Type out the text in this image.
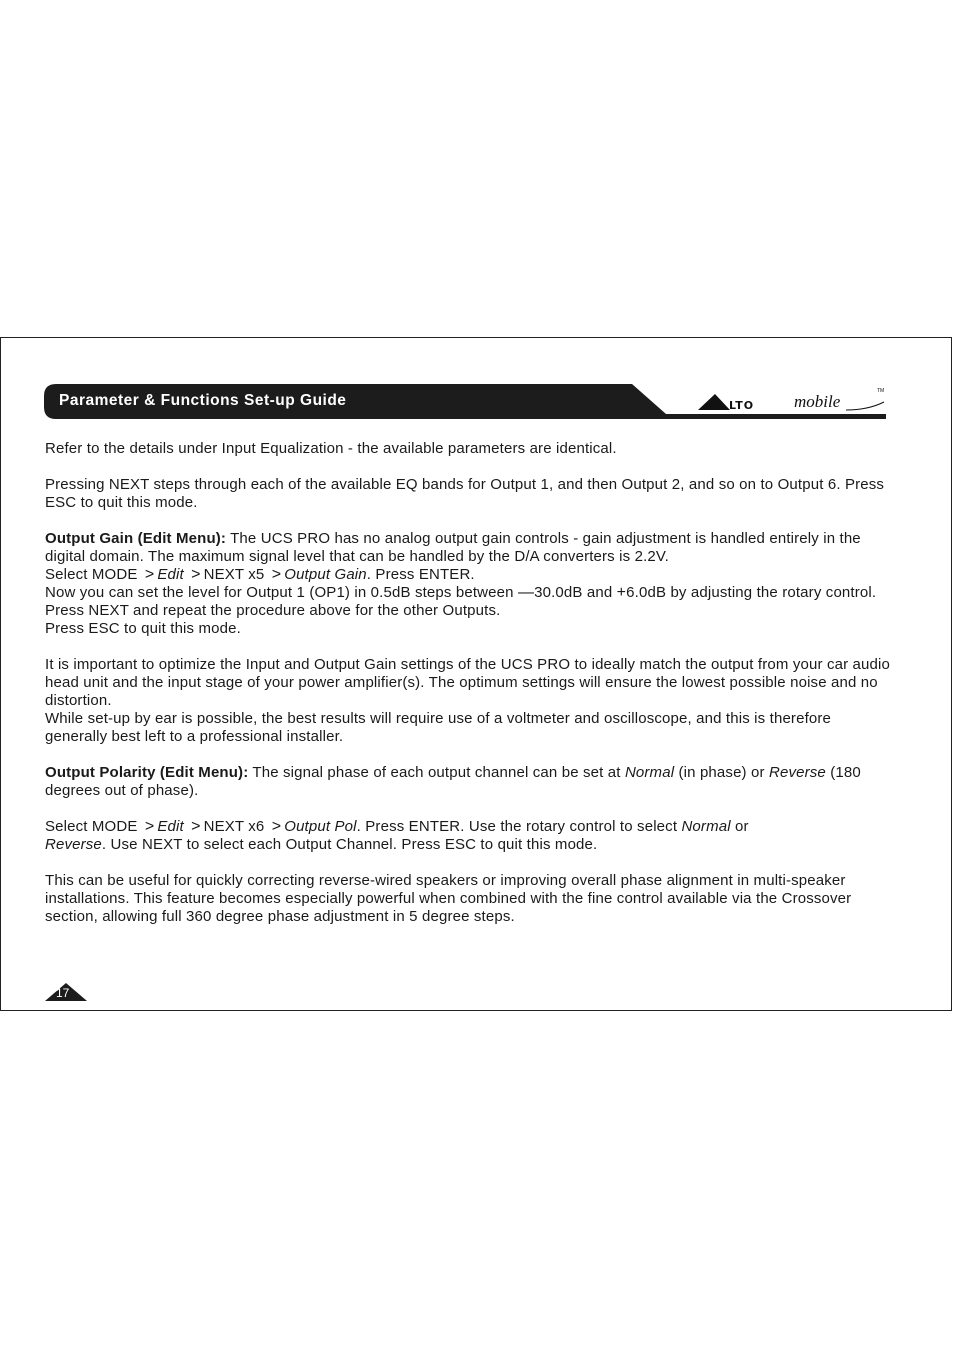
Parameter & Functions Set-up Guide	LTO mobile
TM

Refer to the details under Input Equalization - the available parameters are identical.

Pressing NEXT steps through each of the available EQ bands for Output 1, and then Output 2, and so on to Output 6. Press ESC to quit this mode.

Output Gain (Edit Menu): The UCS PRO has no analog output gain controls - gain adjustment is handled entirely in the digital domain. The maximum signal level that can be handled by the D/A converters is 2.2V.
Select MODE > Edit > NEXT x5 > Output Gain. Press ENTER.
Now you can set the level for Output 1 (OP1) in 0.5dB steps between —30.0dB and +6.0dB by adjusting the rotary control.
Press NEXT and repeat the procedure above for the other Outputs.
Press ESC to quit this mode.

It is important to optimize the Input and Output Gain settings of the UCS PRO to ideally match the output from your car audio head unit and the input stage of your power amplifier(s). The optimum settings will ensure the lowest possible noise and no distortion.
While set-up by ear is possible, the best results will require use of a voltmeter and oscilloscope, and this is therefore generally best left to a professional installer.

Output Polarity (Edit Menu): The signal phase of each output channel can be set at Normal (in phase) or Reverse (180 degrees out of phase).

Select MODE > Edit > NEXT x6 > Output Pol. Press ENTER. Use the rotary control to select Normal or
Reverse. Use NEXT to select each Output Channel. Press ESC to quit this mode.

This can be useful for quickly correcting reverse-wired speakers or improving overall phase alignment in multi-speaker installations. This feature becomes especially powerful when combined with the fine control available via the Crossover section, allowing full 360 degree phase adjustment in 5 degree steps.

17
